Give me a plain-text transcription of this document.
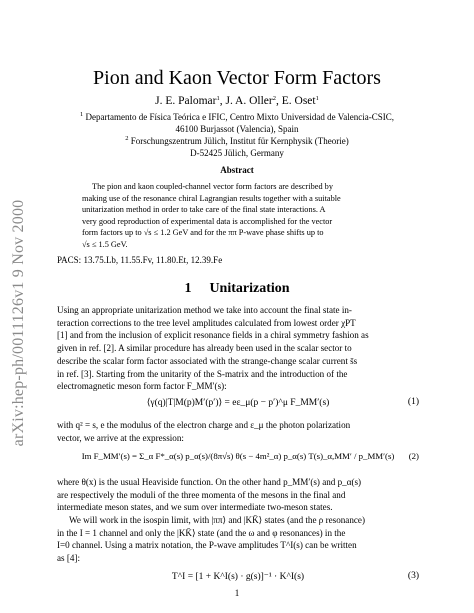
arXiv:hep-ph/0011126v1 9 Nov 2000
Pion and Kaon Vector Form Factors
J. E. Palomar$^1$, J. A. Oller$^2$, E. Oset$^1$
$^1$ Departamento de Física Teórica e IFIC, Centro Mixto Universidad de Valencia-CSIC,
46100 Burjassot (Valencia), Spain
$^2$ Forschungszentrum Jülich, Institut für Kernphysik (Theorie)
D-52425 Jülich, Germany
Abstract
The pion and kaon coupled-channel vector form factors are described by
making use of the resonance chiral Lagrangian results together with a suitable
unitarization method in order to take care of the final state interactions. A
very good reproduction of experimental data is accomplished for the vector
form factors up to √s ≤ 1.2 GeV and for the ππ P-wave phase shifts up to
√s ≤ 1.5 GeV.
PACS: 13.75.Lb, 11.55.Fv, 11.80.Et, 12.39.Fe
1 Unitarization
Using an appropriate unitarization method we take into account the final state in-
teraction corrections to the tree level amplitudes calculated from lowest order χPT
[1] and from the inclusion of explicit resonance fields in a chiral symmetry fashion as
given in ref. [2]. A similar procedure has already been used in the scalar sector to
describe the scalar form factor associated with the strange-change scalar current s̄s
in ref. [3]. Starting from the unitarity of the S-matrix and the introduction of the
electromagnetic meson form factor F_MM′(s):
⟨γ(q)|T|M(p)M′(p′)⟩ = eε_μ(p − p′)^μ F_MM′(s)	(1)
with q² = s, e the modulus of the electron charge and ε_μ the photon polarization
vector, we arrive at the expression:
Im F_MM′(s) = Σ_α F*_α(s) p_α(s)/(8π√s) θ(s − 4m²_α) p_α(s) T(s)_α,MM′ / p_MM′(s)	(2)
where θ(x) is the usual Heaviside function. On the other hand p_MM′(s) and p_α(s)
are respectively the moduli of the three momenta of the mesons in the final and
intermediate meson states, and we sum over intermediate two-meson states.
We will work in the isospin limit, with |ππ⟩ and |KK̄⟩ states (and the ρ resonance)
in the I = 1 channel and only the |KK̄⟩ state (and the ω and φ resonances) in the
I=0 channel. Using a matrix notation, the P-wave amplitudes T^I(s) can be written
as [4]:
T^I = [1 + K^I(s) · g(s)]⁻¹ · K^I(s)	(3)
1
